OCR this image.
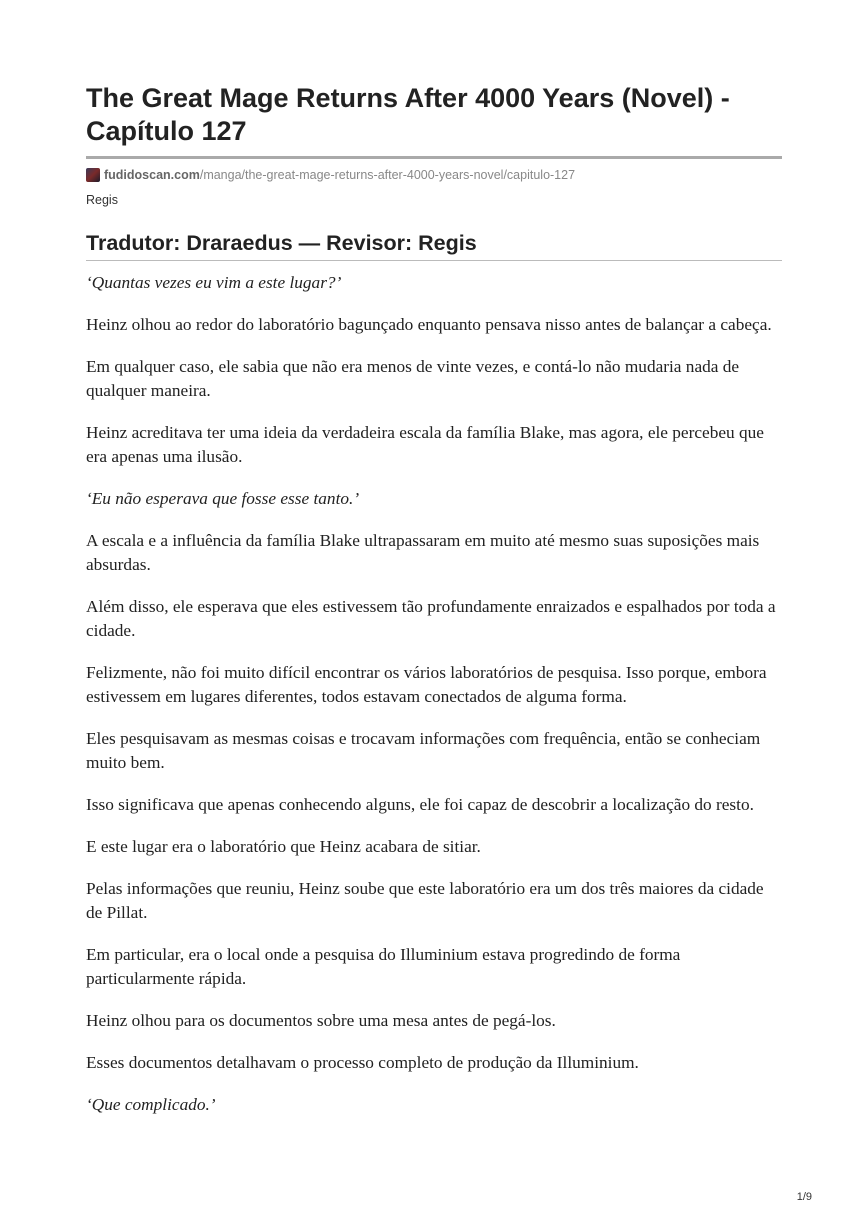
The Great Mage Returns After 4000 Years (Novel) - Capítulo 127
fudidoscan.com/manga/the-great-mage-returns-after-4000-years-novel/capitulo-127
Regis
Tradutor: Draraedus — Revisor: Regis

‘Quantas vezes eu vim a este lugar?’

Heinz olhou ao redor do laboratório bagunçado enquanto pensava nisso antes de balançar a cabeça.

Em qualquer caso, ele sabia que não era menos de vinte vezes, e contá-lo não mudaria nada de qualquer maneira.

Heinz acreditava ter uma ideia da verdadeira escala da família Blake, mas agora, ele percebeu que era apenas uma ilusão.

‘Eu não esperava que fosse esse tanto.’

A escala e a influência da família Blake ultrapassaram em muito até mesmo suas suposições mais absurdas.

Além disso, ele esperava que eles estivessem tão profundamente enraizados e espalhados por toda a cidade.

Felizmente, não foi muito difícil encontrar os vários laboratórios de pesquisa. Isso porque, embora estivessem em lugares diferentes, todos estavam conectados de alguma forma.

Eles pesquisavam as mesmas coisas e trocavam informações com frequência, então se conheciam muito bem.

Isso significava que apenas conhecendo alguns, ele foi capaz de descobrir a localização do resto.

E este lugar era o laboratório que Heinz acabara de sitiar.

Pelas informações que reuniu, Heinz soube que este laboratório era um dos três maiores da cidade de Pillat.

Em particular, era o local onde a pesquisa do Illuminium estava progredindo de forma particularmente rápida.

Heinz olhou para os documentos sobre uma mesa antes de pegá-los.

Esses documentos detalhavam o processo completo de produção da Illuminium.

‘Que complicado.’

1/9
